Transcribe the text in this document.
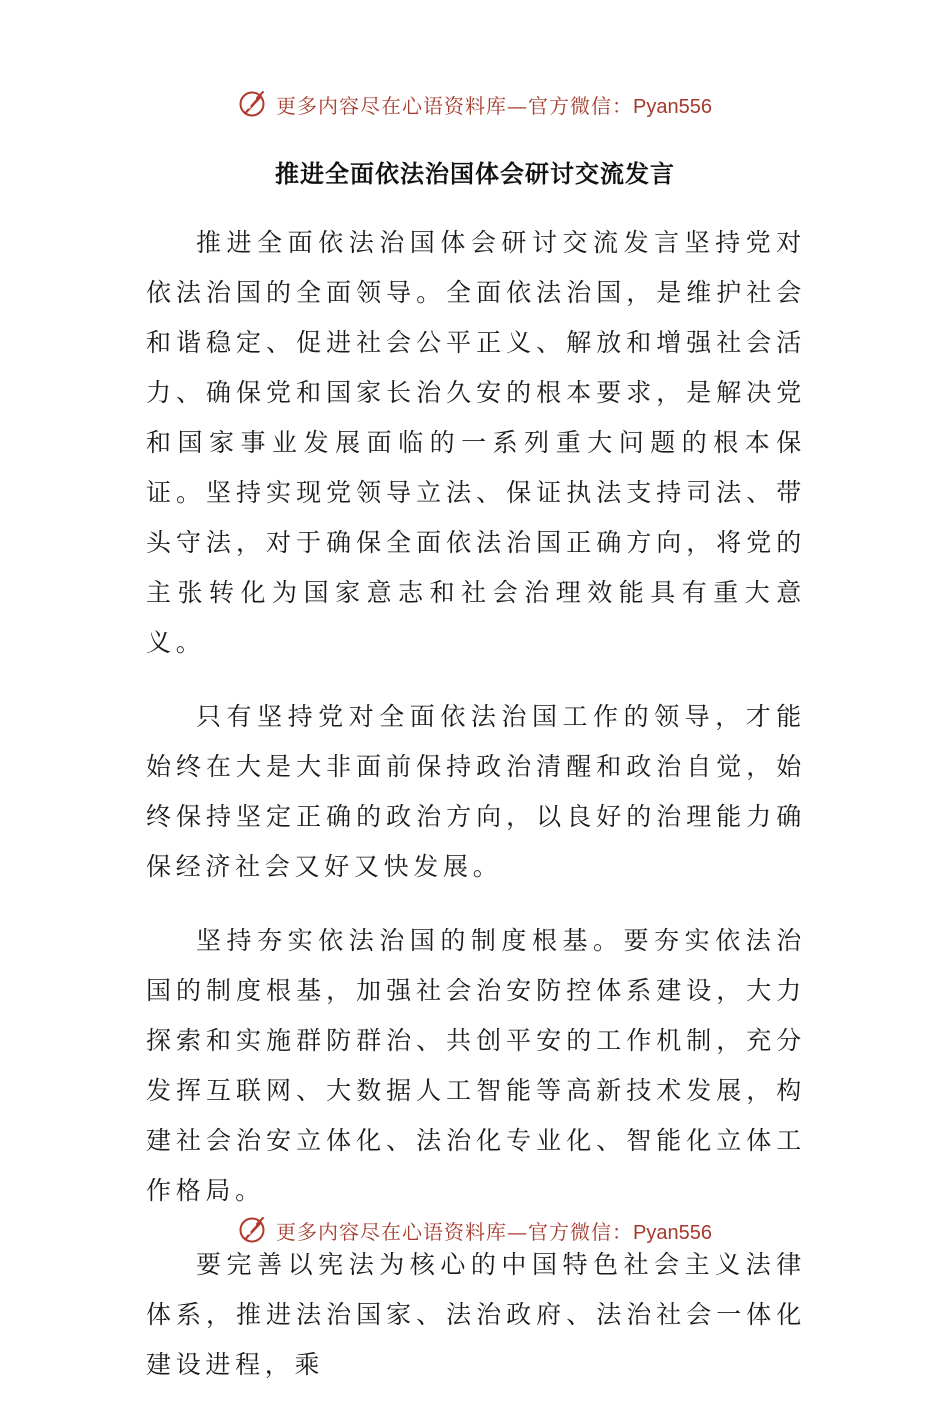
更多内容尽在心语资料库—官方微信：Pyan556
推进全面依法治国体会研讨交流发言

推进全面依法治国体会研讨交流发言坚持党对依法治国的全面领导。全面依法治国，是维护社会和谐稳定、促进社会公平正义、解放和增强社会活力、确保党和国家长治久安的根本要求，是解决党和国家事业发展面临的一系列重大问题的根本保证。坚持实现党领导立法、保证执法支持司法、带头守法，对于确保全面依法治国正确方向，将党的主张转化为国家意志和社会治理效能具有重大意义。

只有坚持党对全面依法治国工作的领导，才能始终在大是大非面前保持政治清醒和政治自觉，始终保持坚定正确的政治方向，以良好的治理能力确保经济社会又好又快发展。

坚持夯实依法治国的制度根基。要夯实依法治国的制度根基，加强社会治安防控体系建设，大力探索和实施群防群治、共创平安的工作机制，充分发挥互联网、大数据人工智能等高新技术发展，构建社会治安立体化、法治化专业化、智能化立体工作格局。

要完善以宪法为核心的中国特色社会主义法律体系，推进法治国家、法治政府、法治社会一体化建设进程，乘

更多内容尽在心语资料库—官方微信：Pyan556
